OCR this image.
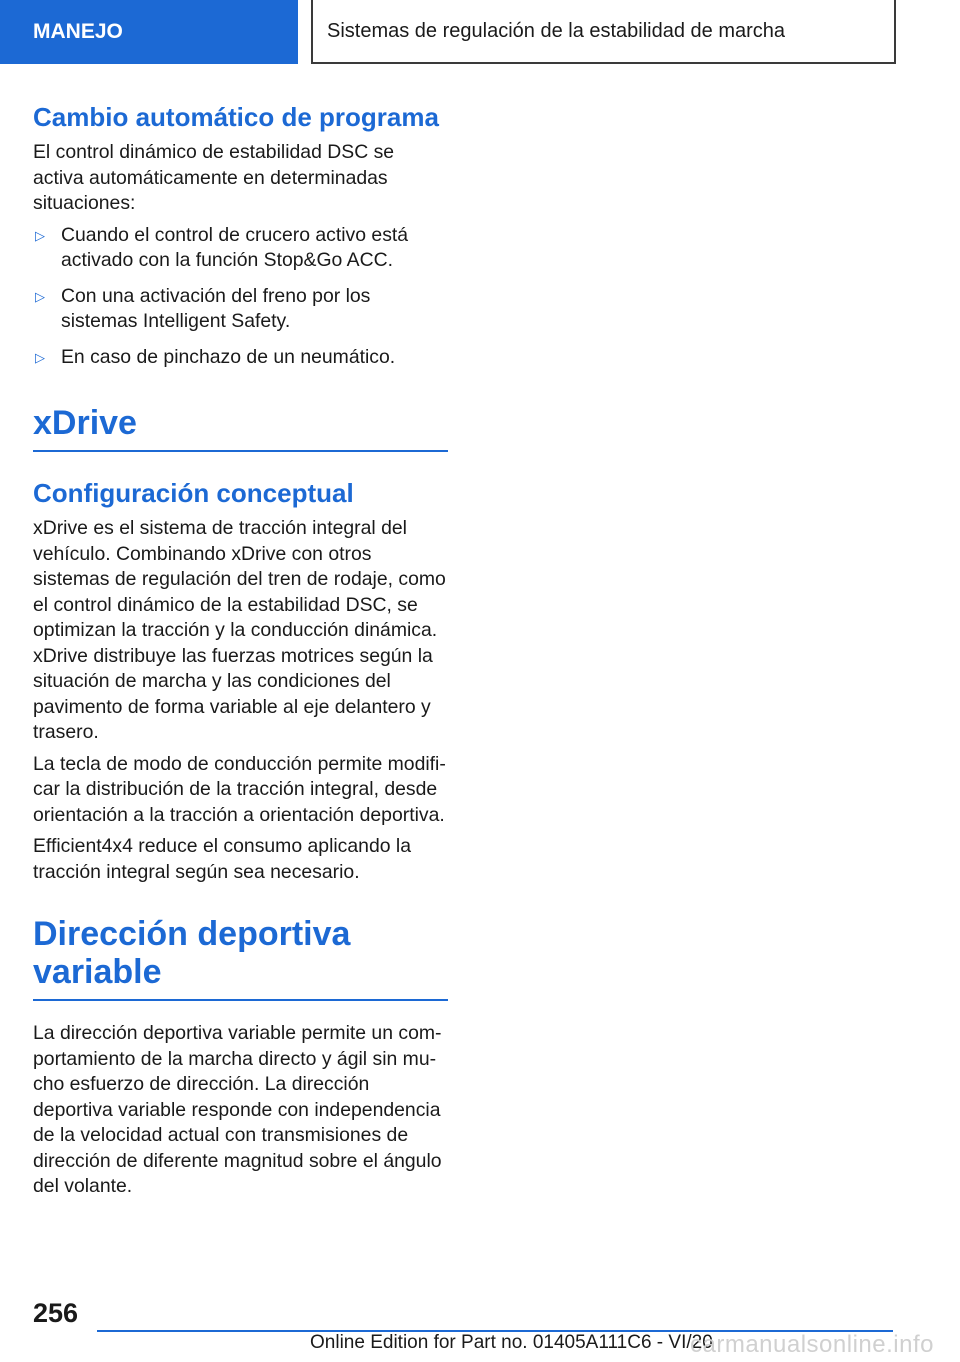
MANEJO	Sistemas de regulación de la estabilidad de marcha
Cambio automático de programa

El control dinámico de estabilidad DSC se activa automáticamente en determinadas situaciones:

▷ Cuando el control de crucero activo está activado con la función Stop&Go ACC.
▷ Con una activación del freno por los sistemas Intelligent Safety.
▷ En caso de pinchazo de un neumático.
xDrive
Configuración conceptual

xDrive es el sistema de tracción integral del vehículo. Combinando xDrive con otros sistemas de regulación del tren de rodaje, como el control dinámico de la estabilidad DSC, se optimizan la tracción y la conducción dinámica. xDrive distribuye las fuerzas motrices según la situación de marcha y las condiciones del pavimento de forma variable al eje delantero y trasero.

La tecla de modo de conducción permite modificar la distribución de la tracción integral, desde orientación a la tracción a orientación deportiva.

Efficient4x4 reduce el consumo aplicando la tracción integral según sea necesario.

Dirección deportiva variable

La dirección deportiva variable permite un comportamiento de la marcha directo y ágil sin mucho esfuerzo de dirección. La dirección deportiva variable responde con independencia de la velocidad actual con transmisiones de dirección de diferente magnitud sobre el ángulo del volante.

256
Online Edition for Part no. 01405A111C6 - VI/20
carmanualsonline.info
